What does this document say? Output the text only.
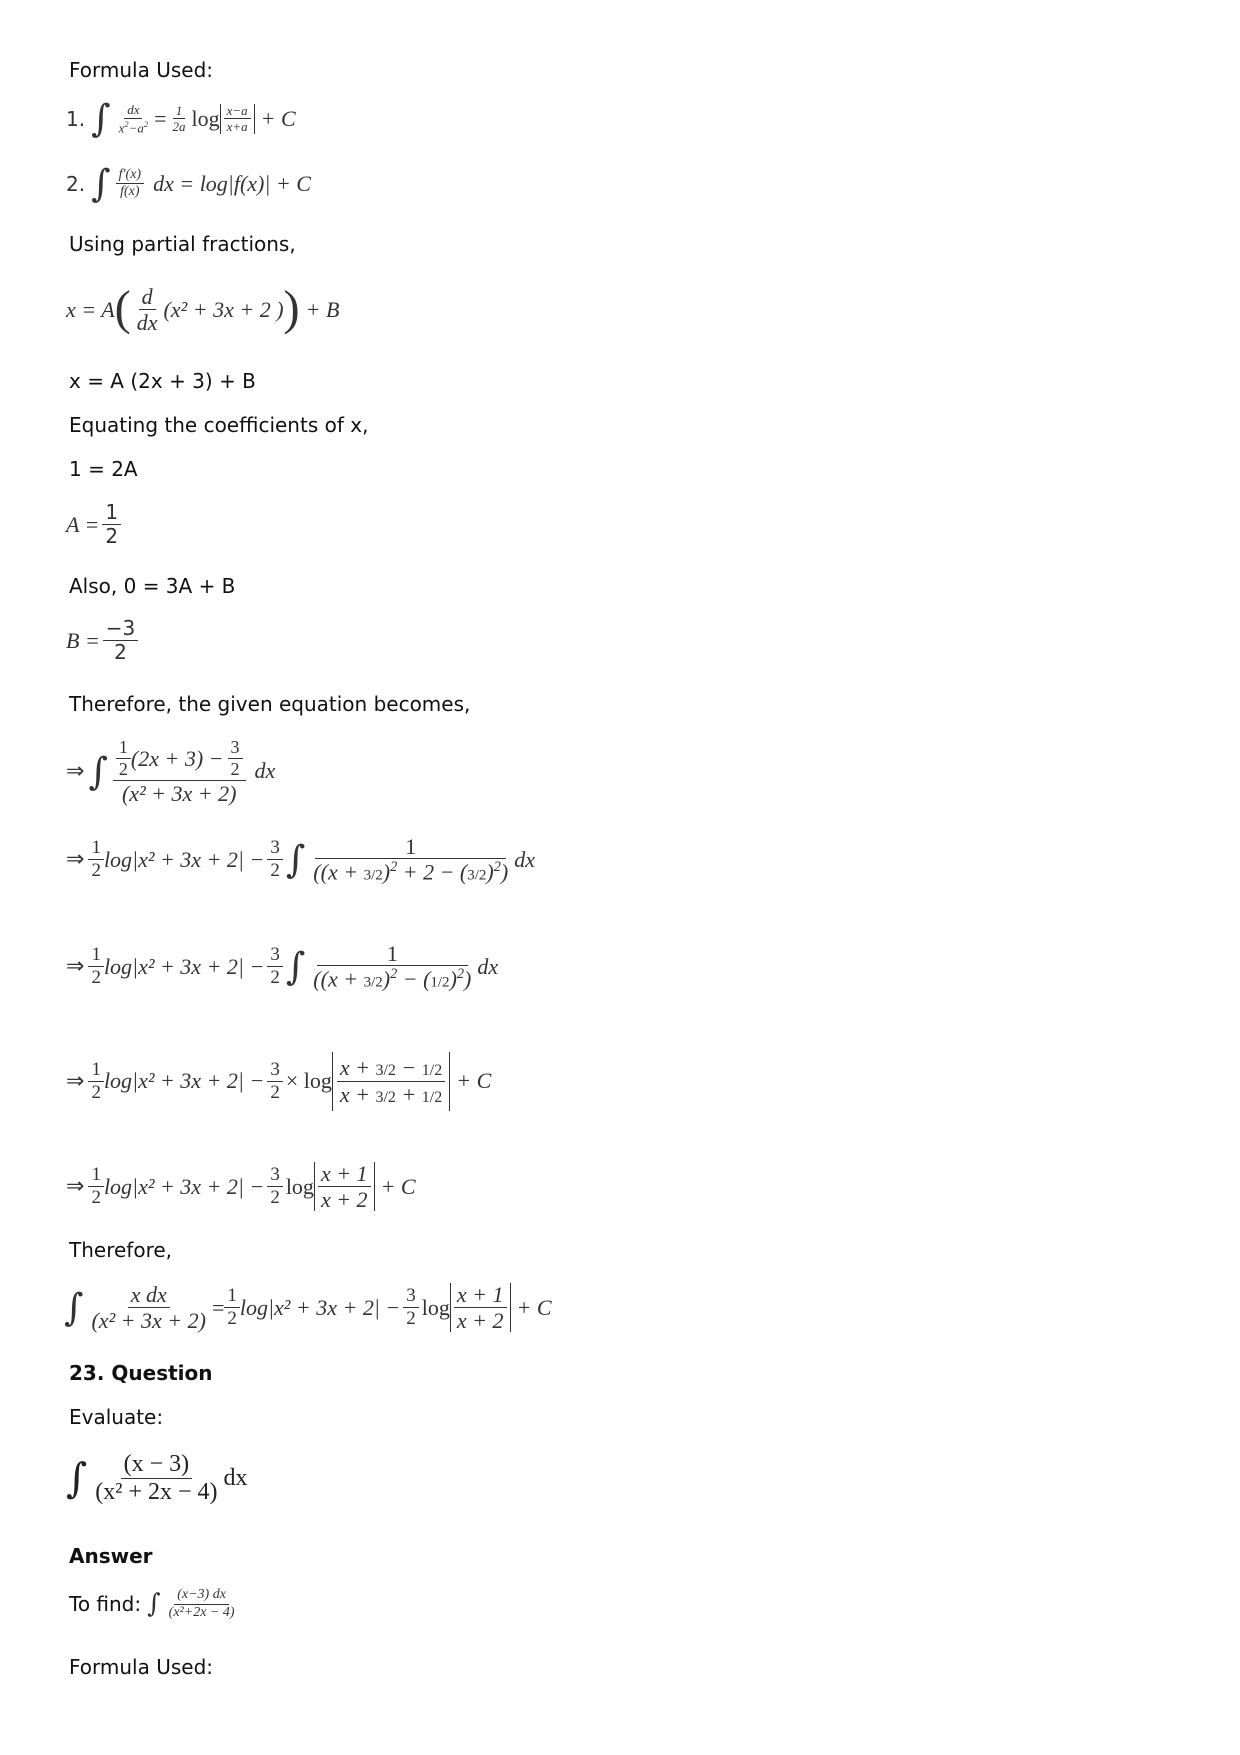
Formula Used:
1. ∫ $\frac{dx}{x^2-a^2} = \frac{1}{2a}$ $\log \frac{x-a}{x+a} + C$
2. ∫ $\frac{f'(x)}{f(x)}$ dx = log|f(x)| + C
Using partial fractions,
x = A ( $\frac{d}{dx} (x^2 + 3x + 2$ ) ) + B
x = A (2x + 3) + B
Equating the coefficients of x,
1 = 2A
$A = \frac{1}{2}$
Also, 0 = 3A + B
$B = \frac{-3}{2}$
Therefore, the given equation becomes,
⇒ ∫ $\frac{\frac{1}{2} (2x + 3) - \frac{3}{2}}{\text{(x² + 3x + 2)}}$ dx
⇒ $\frac{1}{2} \log|x^2 + 3x + 2| - \frac{3}{2}$ ∫ $\frac{1}{((x + 3/2)^2 + 2 - (3/2)^2)}$ dx
⇒ $\frac{1}{2} \log|x^2 + 3x + 2| - \frac{3}{2}$ ∫ $\frac{1}{((x + 3/2)^2 - (1/2)^2)}$ dx
⇒ $\frac{1}{2} \log|x^2 + 3x + 2| - \frac{3}{2} \times \log \frac{x + 3/2 - 1/2}{x + 3/2 + 1/2} + C$
⇒ $\frac{1}{2} \log|x^2 + 3x + 2| - \frac{3}{2}$ $\log \frac{x + 1}{x + 2} + C$
Therefore,
∫ $\frac{\text{x dx}}{\text{(x² + 3x + 2)}} = \frac{1}{2} \log|x^2 + 3x + 2| - \frac{3}{2}$ $\log \frac{x + 1}{x + 2} + C$
23. Question
Evaluate:
∫ $\frac{(x - 3)}{\text{(x² + 2x − 4)}}$ dx
Answer
To find: ∫ $\frac{(x-3) dx}{\text{(x²+2x − 4)}}$
Formula Used:
